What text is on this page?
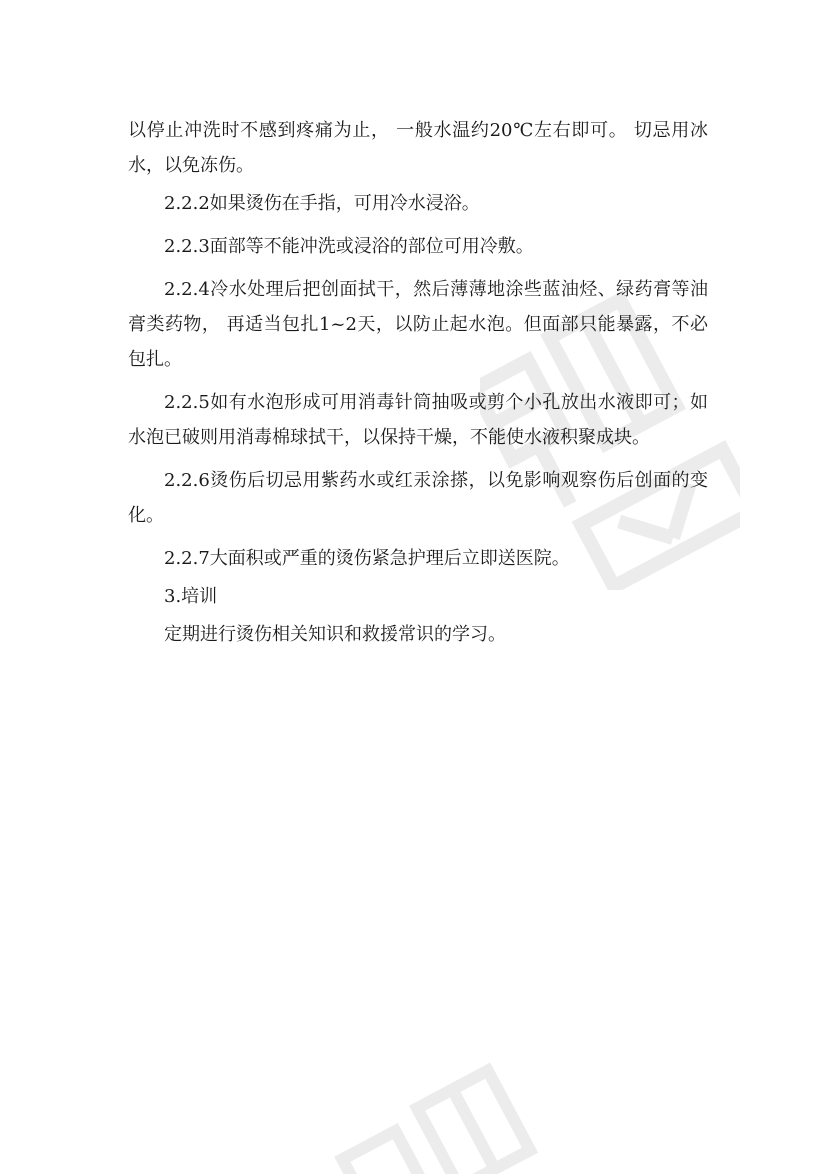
以停止冲洗时不感到疼痛为止， 一般水温约20℃左右即可。 切忌用冰水，以免冻伤。

2.2.2如果烫伤在手指，可用冷水浸浴。

2.2.3面部等不能冲洗或浸浴的部位可用冷敷。

2.2.4冷水处理后把创面拭干，然后薄薄地涂些蓝油烃、绿药膏等油膏类药物， 再适当包扎1~2天，以防止起水泡。但面部只能暴露，不必包扎。

2.2.5如有水泡形成可用消毒针筒抽吸或剪个小孔放出水液即可；如水泡已破则用消毒棉球拭干，以保持干燥，不能使水液积聚成块。

2.2.6烫伤后切忌用紫药水或红汞涂搽，以免影响观察伤后创面的变化。

2.2.7大面积或严重的烫伤紧急护理后立即送医院。

3.培训

定期进行烫伤相关知识和救援常识的学习。
